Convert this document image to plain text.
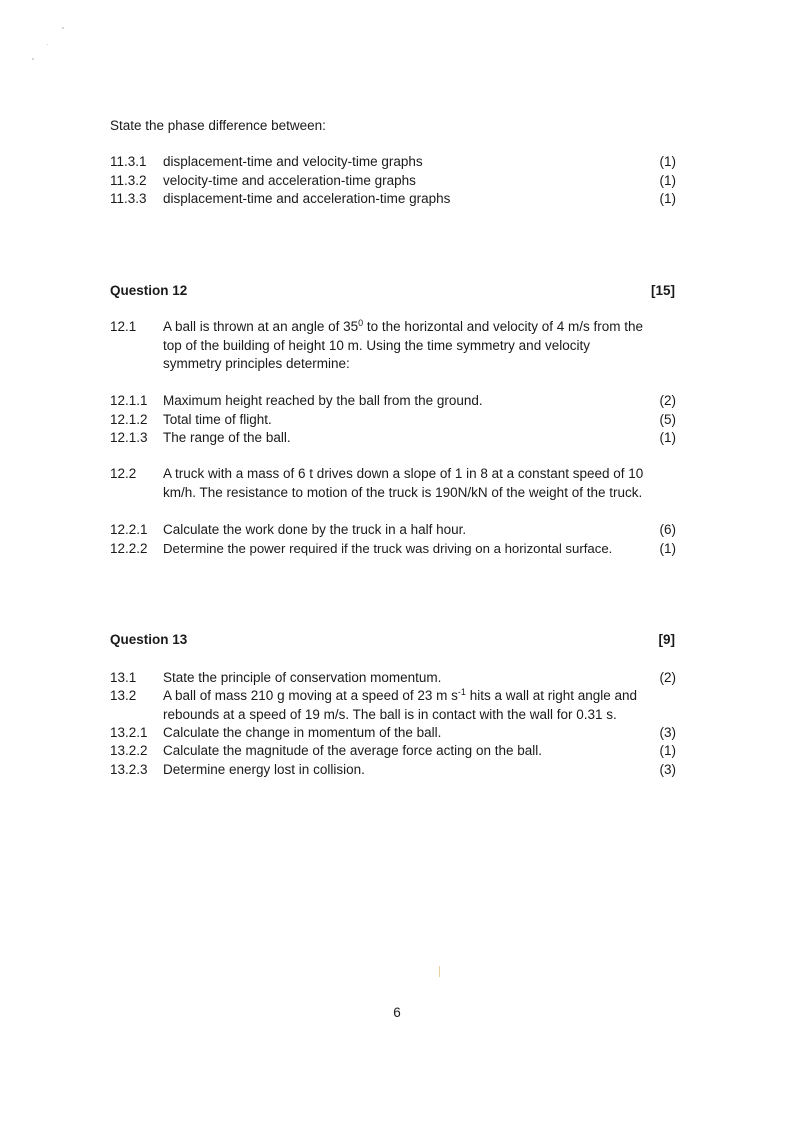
State the phase difference between:
11.3.1	displacement-time and velocity-time graphs	(1)
11.3.2	velocity-time and acceleration-time graphs	(1)
11.3.3	displacement-time and acceleration-time graphs	(1)
Question 12	[15]
12.1	A ball is thrown at an angle of $35^0$ to the horizontal and velocity of 4 m/s from the top of the building of height 10 m. Using the time symmetry and velocity symmetry principles determine:
12.1.1	Maximum height reached by the ball from the ground.	(2)
12.1.2	Total time of flight.	(5)
12.1.3	The range of the ball.	(1)
12.2	A truck with a mass of 6 t drives down a slope of 1 in 8 at a constant speed of 10 km/h. The resistance to motion of the truck is 190N/kN of the weight of the truck.
12.2.1	Calculate the work done by the truck in a half hour.	(6)
12.2.2	Determine the power required if the truck was driving on a horizontal surface.	(1)
Question 13	[9]
13.1	State the principle of conservation momentum.	(2)
13.2	A ball of mass 210 g moving at a speed of 23 m $s^{-1}$ hits a wall at right angle and rebounds at a speed of 19 m/s. The ball is in contact with the wall for 0.31 s.
13.2.1	Calculate the change in momentum of the ball.	(3)
13.2.2	Calculate the magnitude of the average force acting on the ball.	(1)
13.2.3	Determine energy lost in collision.	(3)
6
